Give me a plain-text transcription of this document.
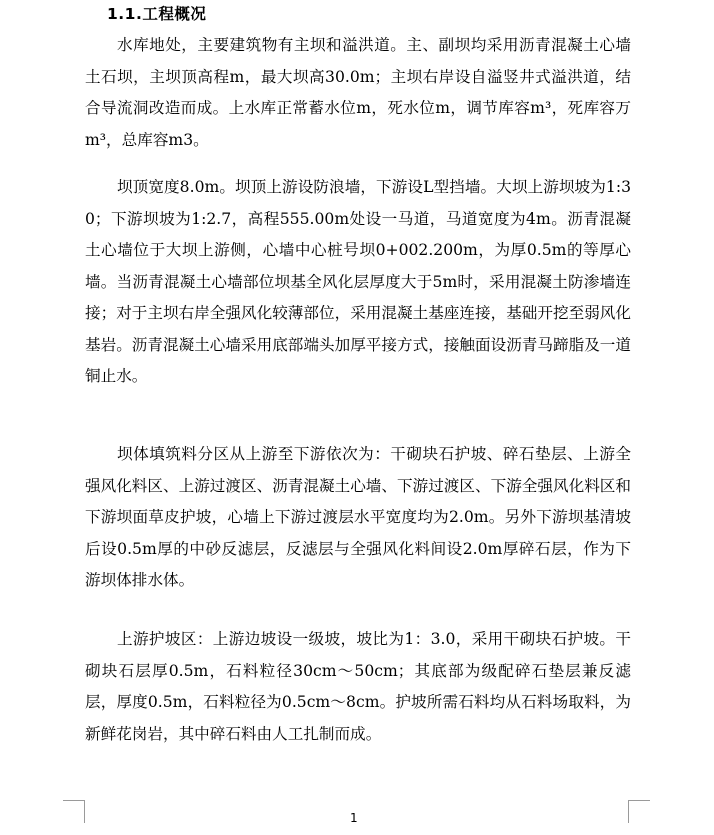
1.1.工程概况

水库地处，主要建筑物有主坝和溢洪道。主、副坝均采用沥青混凝土心墙土石坝，主坝顶高程m，最大坝高30.0m；主坝右岸设自溢竖井式溢洪道，结合导流洞改造而成。上水库正常蓄水位m，死水位m，调节库容m³，死库容万m³，总库容m3。

坝顶宽度8.0m。坝顶上游设防浪墙，下游设L型挡墙。大坝上游坝坡为1:30；下游坝坡为1:2.7，高程555.00m处设一马道，马道宽度为4m。沥青混凝土心墙位于大坝上游侧，心墙中心桩号坝0+002.200m，为厚0.5m的等厚心墙。当沥青混凝土心墙部位坝基全风化层厚度大于5m时，采用混凝土防渗墙连接；对于主坝右岸全强风化较薄部位，采用混凝土基座连接，基础开挖至弱风化基岩。沥青混凝土心墙采用底部端头加厚平接方式，接触面设沥青马蹄脂及一道铜止水。

坝体填筑料分区从上游至下游依次为：干砌块石护坡、碎石垫层、上游全强风化料区、上游过渡区、沥青混凝土心墙、下游过渡区、下游全强风化料区和下游坝面草皮护坡，心墙上下游过渡层水平宽度均为2.0m。另外下游坝基清坡后设0.5m厚的中砂反滤层，反滤层与全强风化料间设2.0m厚碎石层，作为下游坝体排水体。

上游护坡区：上游边坡设一级坡，坡比为1：3.0，采用干砌块石护坡。干砌块石层厚0.5m，石料粒径30cm～50cm；其底部为级配碎石垫层兼反滤层，厚度0.5m，石料粒径为0.5cm～8cm。护坡所需石料均从石料场取料，为新鲜花岗岩，其中碎石料由人工扎制而成。

1
